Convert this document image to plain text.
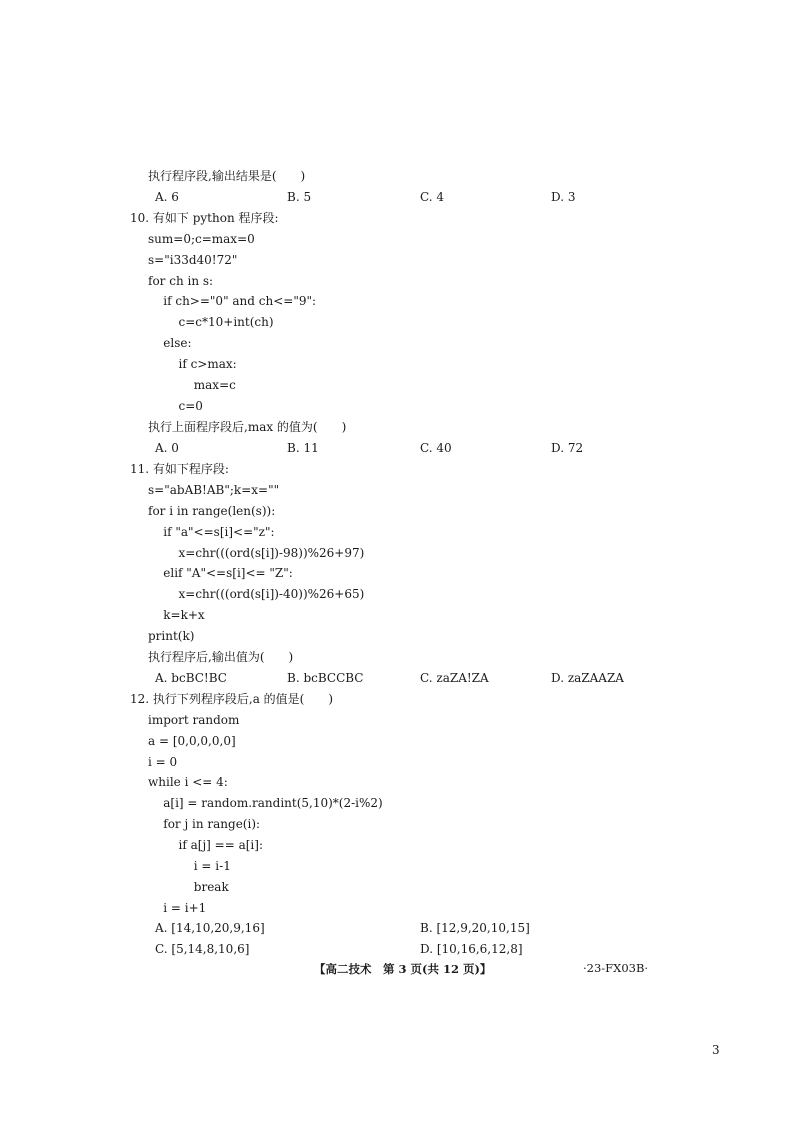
执行程序段,输出结果是(　　)
A. 6	B. 5	C. 4	D. 3
10. 有如下 python 程序段:
sum=0;c=max=0
s="i33d40!72"
for ch in s:
if ch>="0" and ch<="9":
c=c*10+int(ch)
else:
if c>max:
max=c
c=0
执行上面程序段后,max 的值为(　　)
A. 0	B. 11	C. 40	D. 72
11. 有如下程序段:
s="abAB!AB";k=x=""
for i in range(len(s)):
if "a"<=s[i]<="z":
x=chr(((ord(s[i])-98))%26+97)
elif "A"<=s[i]<= "Z":
x=chr(((ord(s[i])-40))%26+65)
k=k+x
print(k)
执行程序后,输出值为(　　)
A. bcBC!BC	B. bcBCCBC	C. zaZA!ZA	D. zaZAAZA
12. 执行下列程序段后,a 的值是(　　)
import random
a = [0,0,0,0,0]
i = 0
while i <= 4:
a[i] = random.randint(5,10)*(2-i%2)
for j in range(i):
if a[j] == a[i]:
i = i-1
break
i = i+1
A. [14,10,20,9,16]	B. [12,9,20,10,15]
C. [5,14,8,10,6]	D. [10,16,6,12,8]
【高二技术　第 3 页(共 12 页)】	·23-FX03B·
3
